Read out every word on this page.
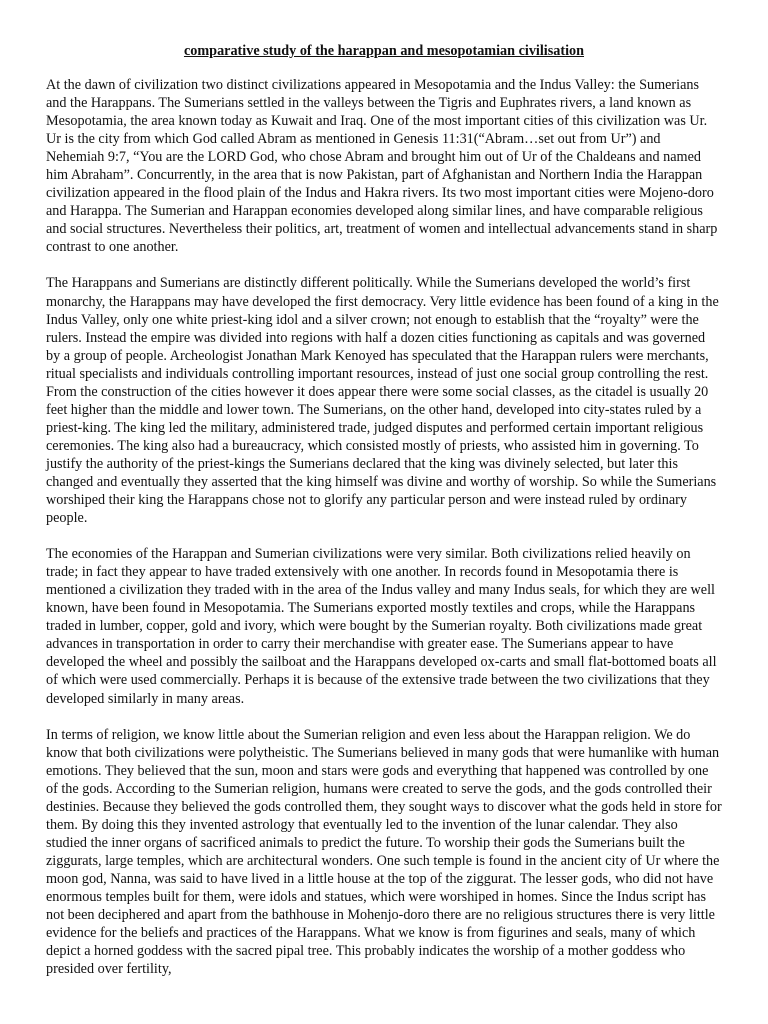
comparative study of the harappan and mesopotamian civilisation

At the dawn of civilization two distinct civilizations appeared in Mesopotamia and the Indus Valley: the Sumerians and the Harappans. The Sumerians settled in the valleys between the Tigris and Euphrates rivers, a land known as Mesopotamia, the area known today as Kuwait and Iraq. One of the most important cities of this civilization was Ur. Ur is the city from which God called Abram as mentioned in Genesis 11:31(“Abram…set out from Ur”) and Nehemiah 9:7, “You are the LORD God, who chose Abram and brought him out of Ur of the Chaldeans and named him Abraham”. Concurrently, in the area that is now Pakistan, part of Afghanistan and Northern India the Harappan civilization appeared in the flood plain of the Indus and Hakra rivers. Its two most important cities were Mojeno-doro and Harappa. The Sumerian and Harappan economies developed along similar lines, and have comparable religious and social structures. Nevertheless their politics, art, treatment of women and intellectual advancements stand in sharp contrast to one another.

The Harappans and Sumerians are distinctly different politically. While the Sumerians developed the world’s first monarchy, the Harappans may have developed the first democracy. Very little evidence has been found of a king in the Indus Valley, only one white priest-king idol and a silver crown; not enough to establish that the “royalty” were the rulers. Instead the empire was divided into regions with half a dozen cities functioning as capitals and was governed by a group of people. Archeologist Jonathan Mark Kenoyed has speculated that the Harappan rulers were merchants, ritual specialists and individuals controlling important resources, instead of just one social group controlling the rest. From the construction of the cities however it does appear there were some social classes, as the citadel is usually 20 feet higher than the middle and lower town. The Sumerians, on the other hand, developed into city-states ruled by a priest-king. The king led the military, administered trade, judged disputes and performed certain important religious ceremonies. The king also had a bureaucracy, which consisted mostly of priests, who assisted him in governing. To justify the authority of the priest-kings the Sumerians declared that the king was divinely selected, but later this changed and eventually they asserted that the king himself was divine and worthy of worship. So while the Sumerians worshiped their king the Harappans chose not to glorify any particular person and were instead ruled by ordinary people.

The economies of the Harappan and Sumerian civilizations were very similar. Both civilizations relied heavily on trade; in fact they appear to have traded extensively with one another. In records found in Mesopotamia there is mentioned a civilization they traded with in the area of the Indus valley and many Indus seals, for which they are well known, have been found in Mesopotamia. The Sumerians exported mostly textiles and crops, while the Harappans traded in lumber, copper, gold and ivory, which were bought by the Sumerian royalty. Both civilizations made great advances in transportation in order to carry their merchandise with greater ease. The Sumerians appear to have developed the wheel and possibly the sailboat and the Harappans developed ox-carts and small flat-bottomed boats all of which were used commercially. Perhaps it is because of the extensive trade between the two civilizations that they developed similarly in many areas.

In terms of religion, we know little about the Sumerian religion and even less about the Harappan religion. We do know that both civilizations were polytheistic. The Sumerians believed in many gods that were humanlike with human emotions. They believed that the sun, moon and stars were gods and everything that happened was controlled by one of the gods. According to the Sumerian religion, humans were created to serve the gods, and the gods controlled their destinies. Because they believed the gods controlled them, they sought ways to discover what the gods held in store for them. By doing this they invented astrology that eventually led to the invention of the lunar calendar. They also studied the inner organs of sacrificed animals to predict the future. To worship their gods the Sumerians built the ziggurats, large temples, which are architectural wonders. One such temple is found in the ancient city of Ur where the moon god, Nanna, was said to have lived in a little house at the top of the ziggurat. The lesser gods, who did not have enormous temples built for them, were idols and statues, which were worshiped in homes. Since the Indus script has not been deciphered and apart from the bathhouse in Mohenjo-doro there are no religious structures there is very little evidence for the beliefs and practices of the Harappans. What we know is from figurines and seals, many of which depict a horned goddess with the sacred pipal tree. This probably indicates the worship of a mother goddess who presided over fertility,
